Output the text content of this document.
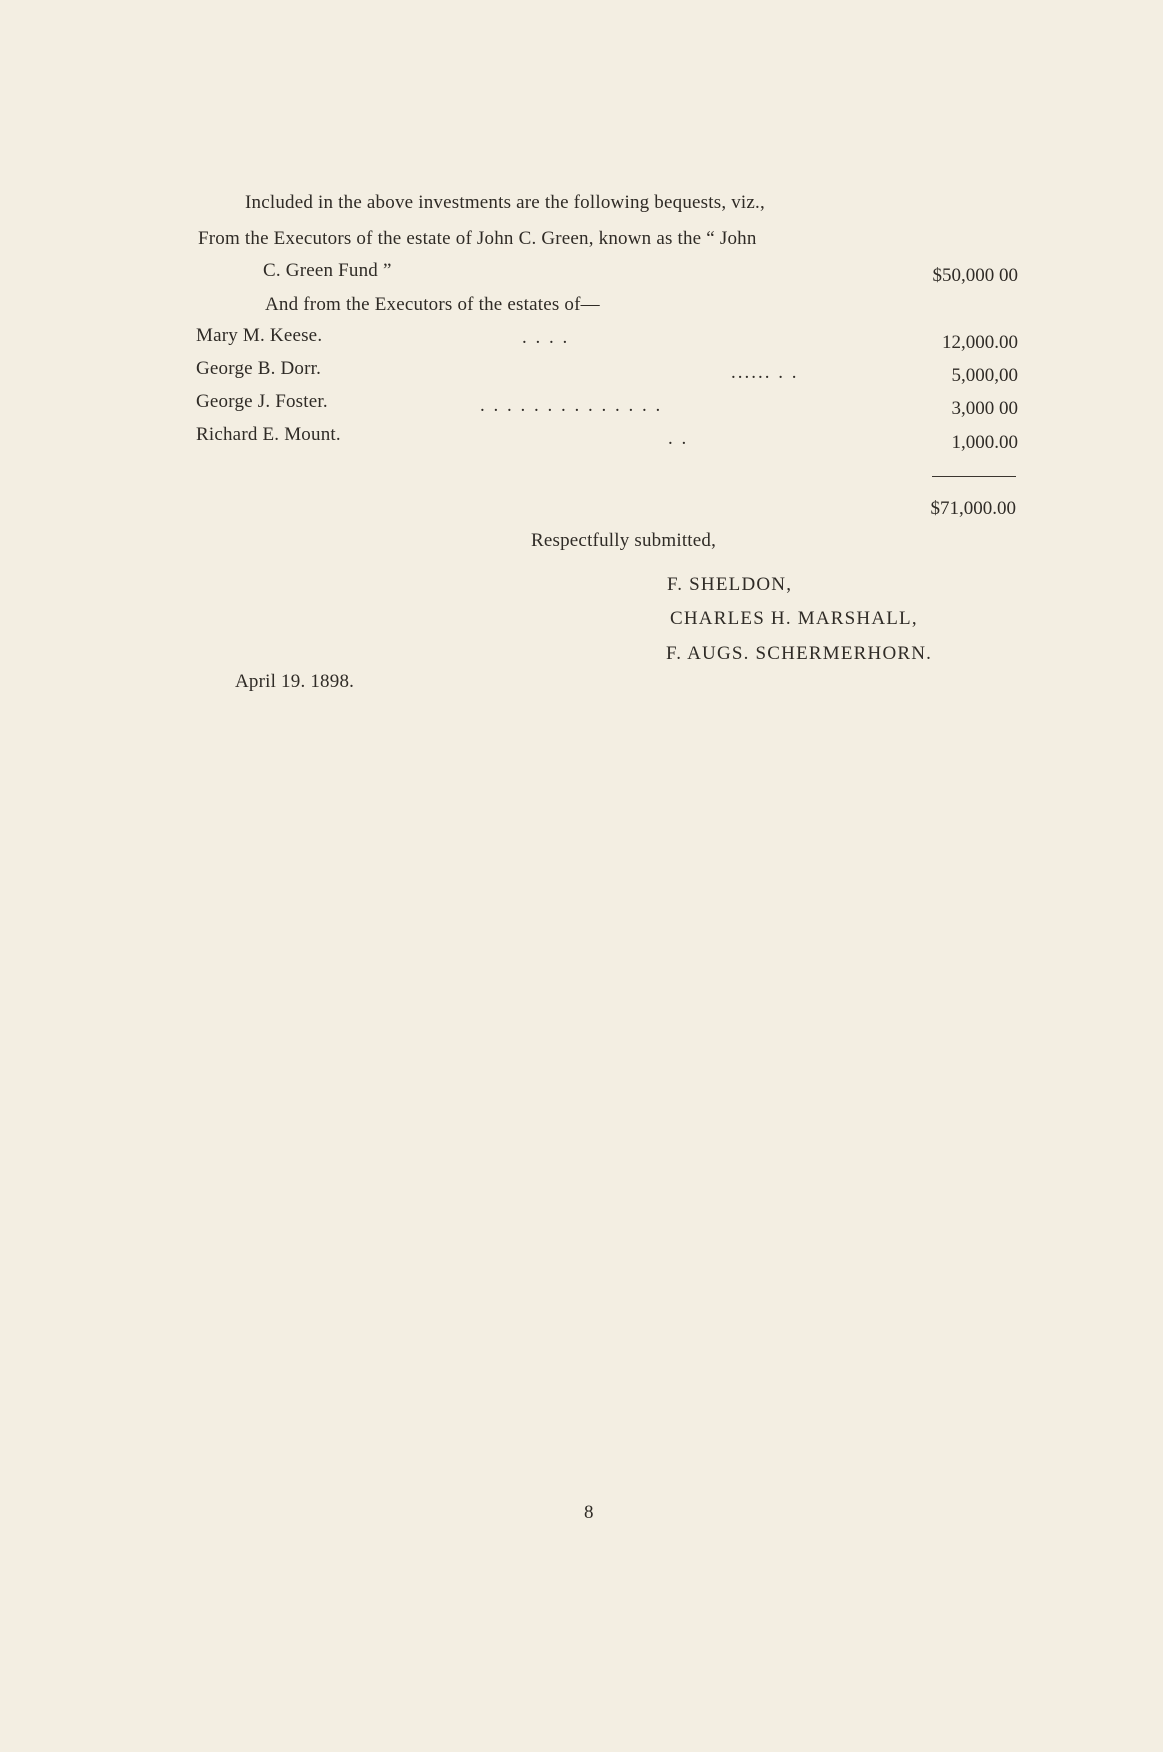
Included in the above investments are the following bequests, viz.,
From the Executors of the estate of John C. Green, known as the “ John
C. Green Fund ”	$50,000 00
And from the Executors of the estates of—
Mary M. Keese.	. . . .	12,000.00
George B. Dorr.	...... . .	5,000,00
George J. Foster.	. . . . . . . . . . . . . .	3,000 00
Richard E. Mount.	. .	1,000.00
$71,000.00
Respectfully submitted,
F. SHELDON,
CHARLES H. MARSHALL,
F. AUGS. SCHERMERHORN.
April 19. 1898.
8
